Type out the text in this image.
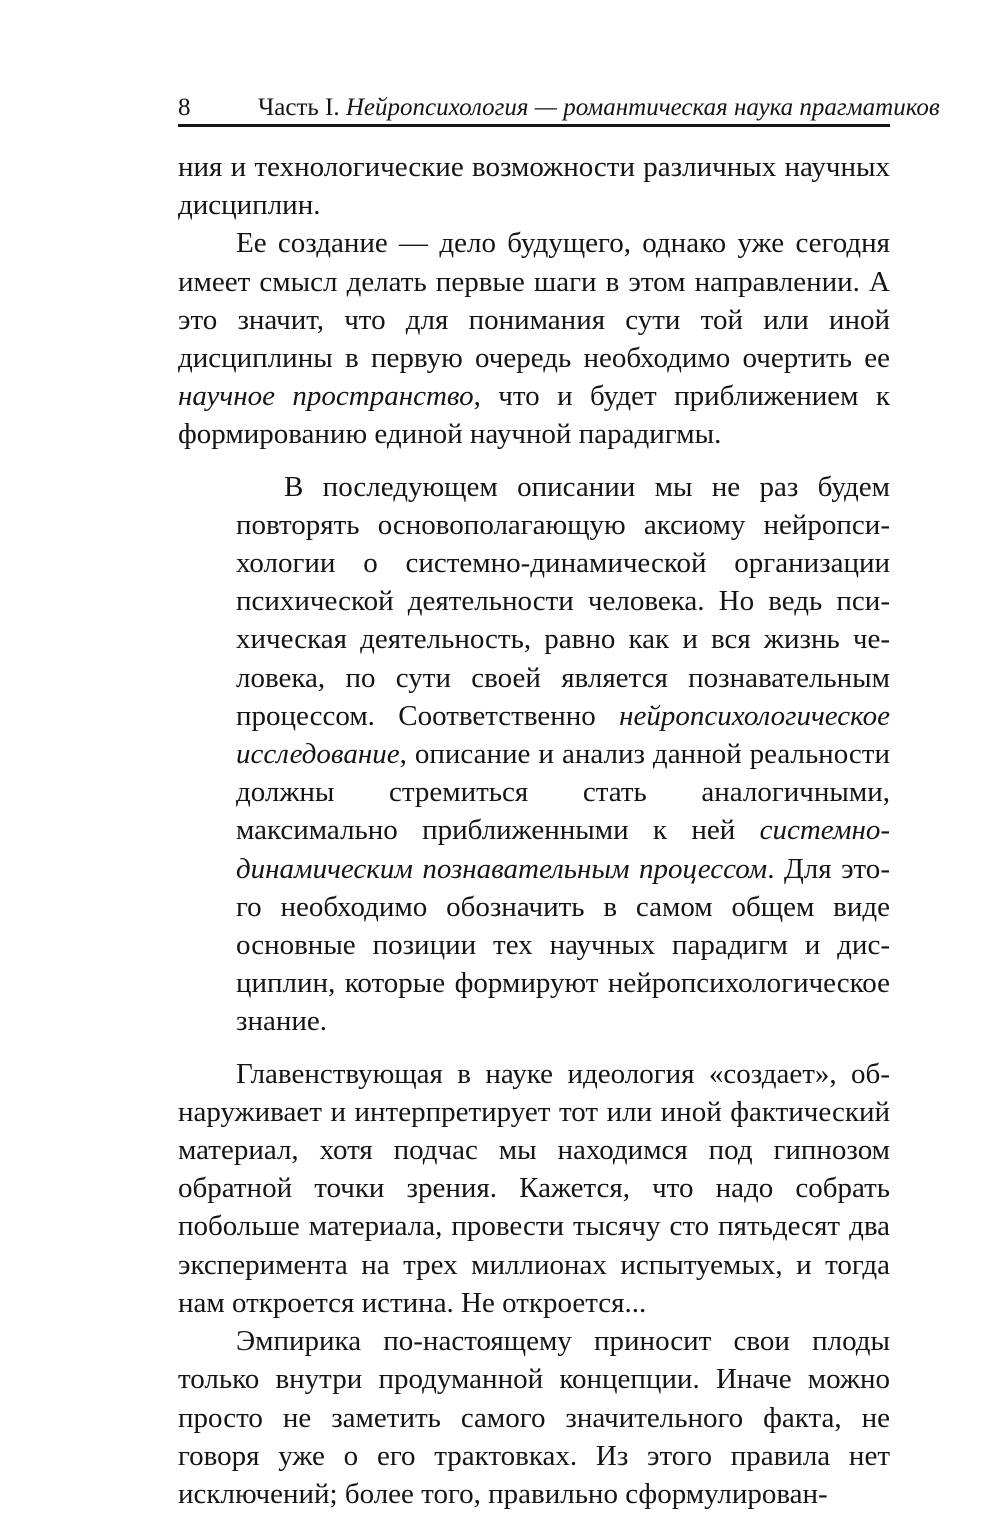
8	Часть I. Нейропсихология — романтическая наука прагматиков

ния и технологические возможности различных научных дисциплин.

Ее создание — дело будущего, однако уже сегодня имеет смысл делать первые шаги в этом направлении. А это значит, что для понимания сути той или иной дисциплины в первую очередь необходимо очертить ее научное пространство, что и будет приближением к формированию единой научной парадигмы.

В последующем описании мы не раз будем повторять основополагающую аксиому нейропсихологии о системно-динамической организации психической деятельности человека. Но ведь психическая деятельность, равно как и вся жизнь человека, по сути своей является познавательным процессом. Соответственно нейропсихологическое исследование, описание и анализ данной реальности должны стремиться стать аналогичными, максимально приближенными к ней системно-динамическим познавательным процессом. Для этого необходимо обозначить в самом общем виде основные позиции тех научных парадигм и дисциплин, которые формируют нейропсихологическое знание.

Главенствующая в науке идеология «создает», обнаруживает и интерпретирует тот или иной фактический материал, хотя подчас мы находимся под гипнозом обратной точки зрения. Кажется, что надо собрать побольше материала, провести тысячу сто пятьдесят два эксперимента на трех миллионах испытуемых, и тогда нам откроется истина. Не откроется...

Эмпирика по-настоящему приносит свои плоды только внутри продуманной концепции. Иначе можно просто не заметить самого значительного факта, не говоря уже о его трактовках. Из этого правила нет исключений; более того, правильно сформулирован-
